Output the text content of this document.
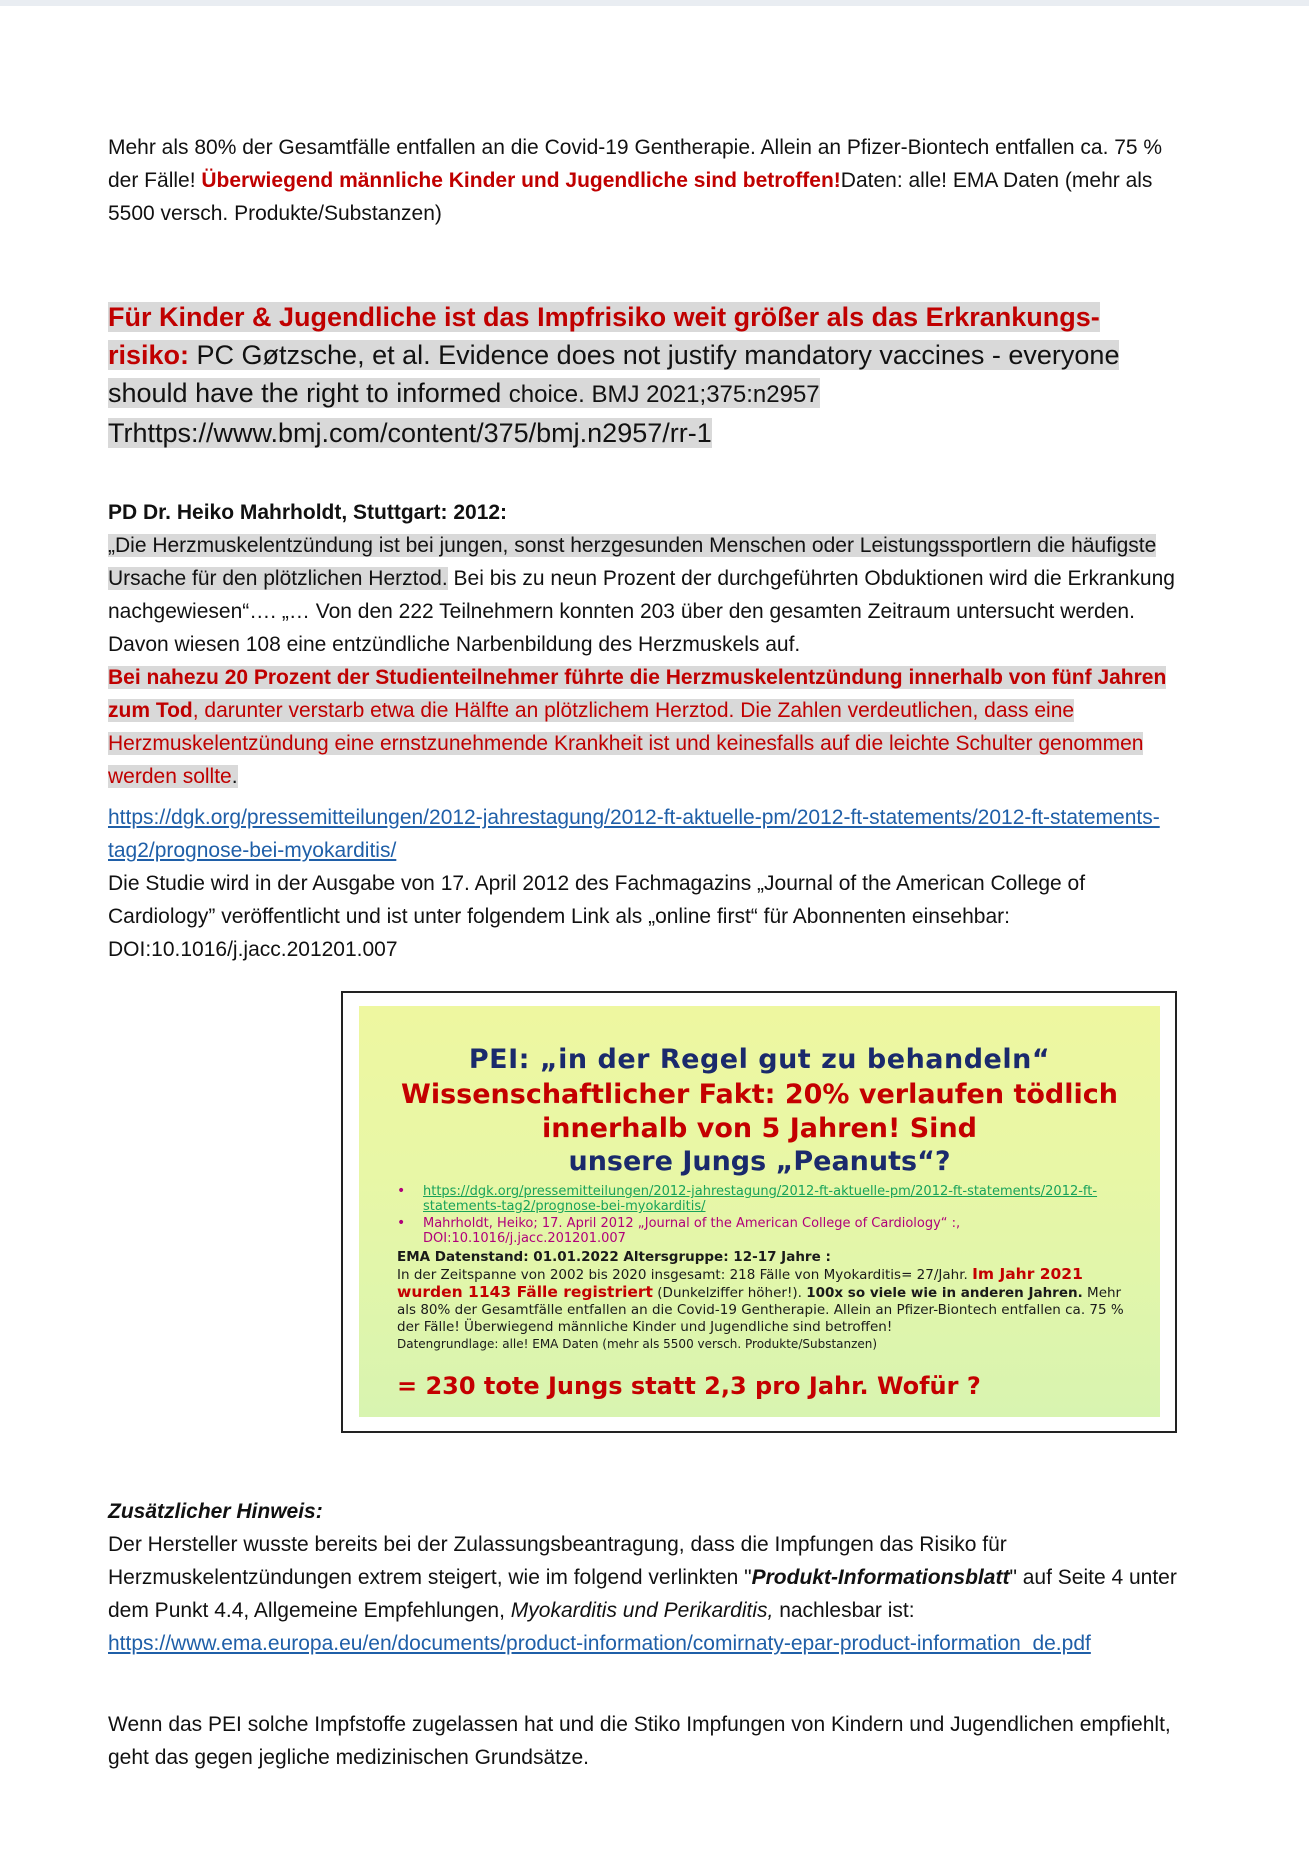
Mehr als 80% der Gesamtfälle entfallen an die Covid-19 Gentherapie. Allein an Pfizer-Biontech entfallen ca. 75 % der Fälle! Überwiegend männliche Kinder und Jugendliche sind betroffen!Daten: alle! EMA Daten (mehr als 5500 versch. Produkte/Substanzen)

Für Kinder & Jugendliche ist das Impfrisiko weit größer als das Erkrankungs-risiko: PC Gøtzsche, et al. Evidence does not justify mandatory vaccines - everyone should have the right to informed choice. BMJ 2021;375:n2957
Trhttps://www.bmj.com/content/375/bmj.n2957/rr-1

PD Dr. Heiko Mahrholdt, Stuttgart: 2012:

„Die Herzmuskelentzündung ist bei jungen, sonst herzgesunden Menschen oder Leistungssportlern die häufigste Ursache für den plötzlichen Herztod. Bei bis zu neun Prozent der durchgeführten Obduktionen wird die Erkrankung nachgewiesen“…. „… Von den 222 Teilnehmern konnten 203 über den gesamten Zeitraum untersucht werden. Davon wiesen 108 eine entzündliche Narbenbildung des Herzmuskels auf.
Bei nahezu 20 Prozent der Studienteilnehmer führte die Herzmuskelentzündung innerhalb von fünf Jahren zum Tod, darunter verstarb etwa die Hälfte an plötzlichem Herztod. Die Zahlen verdeutlichen, dass eine Herzmuskelentzündung eine ernstzunehmende Krankheit ist und keinesfalls auf die leichte Schulter genommen werden sollte.

https://dgk.org/pressemitteilungen/2012-jahrestagung/2012-ft-aktuelle-pm/2012-ft-statements/2012-ft-statements-tag2/prognose-bei-myokarditis/

Die Studie wird in der Ausgabe von 17. April 2012 des Fachmagazins „Journal of the American College of Cardiology” veröffentlicht und ist unter folgendem Link als „online first“ für Abonnenten einsehbar: DOI:10.1016/j.jacc.201201.007

PEI: „in der Regel gut zu behandeln“
Wissenschaftlicher Fakt: 20% verlaufen tödlich innerhalb von 5 Jahren! Sind
unsere Jungs „Peanuts“?
• https://dgk.org/pressemitteilungen/2012-jahrestagung/2012-ft-aktuelle-pm/2012-ft-statements/2012-ft-statements-tag2/prognose-bei-myokarditis/
• Mahrholdt, Heiko; 17. April 2012 „Journal of the American College of Cardiology“ :, DOI:10.1016/j.jacc.201201.007
EMA Datenstand: 01.01.2022 Altersgruppe: 12-17 Jahre :
In der Zeitspanne von 2002 bis 2020 insgesamt: 218 Fälle von Myokarditis= 27/Jahr. Im Jahr 2021 wurden 1143 Fälle registriert (Dunkelziffer höher!). 100x so viele wie in anderen Jahren. Mehr als 80% der Gesamtfälle entfallen an die Covid-19 Gentherapie. Allein an Pfizer-Biontech entfallen ca. 75 % der Fälle! Überwiegend männliche Kinder und Jugendliche sind betroffen!
Datengrundlage: alle! EMA Daten (mehr als 5500 versch. Produkte/Substanzen)
= 230 tote Jungs statt 2,3 pro Jahr. Wofür ?

Zusätzlicher Hinweis:

Der Hersteller wusste bereits bei der Zulassungsbeantragung, dass die Impfungen das Risiko für Herzmuskelentzündungen extrem steigert, wie im folgend verlinkten "Produkt-Informationsblatt" auf Seite 4 unter dem Punkt 4.4, Allgemeine Empfehlungen, Myokarditis und Perikarditis, nachlesbar ist:
https://www.ema.europa.eu/en/documents/product-information/comirnaty-epar-product-information_de.pdf

Wenn das PEI solche Impfstoffe zugelassen hat und die Stiko Impfungen von Kindern und Jugendlichen empfiehlt, geht das gegen jegliche medizinischen Grundsätze.
